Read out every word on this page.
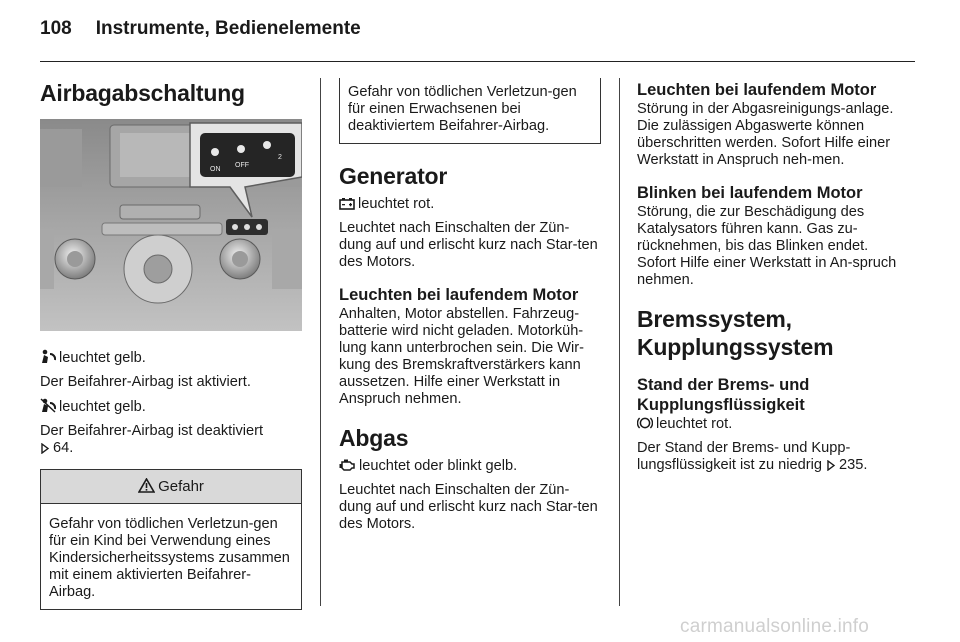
108 Instrumente, Bedienelemente
Airbagabschaltung
ON
OFF
2

leuchtet gelb.

Der Beifahrer-Airbag ist aktiviert.

leuchtet gelb.

Der Beifahrer-Airbag ist deaktiviert
64.

Gefahr
Gefahr von tödlichen Verletzun-gen für ein Kind bei Verwendung eines Kindersicherheitssystems zusammen mit einem aktivierten Beifahrer-Airbag.
Gefahr von tödlichen Verletzun-gen für einen Erwachsenen bei deaktiviertem Beifahrer-Airbag.
Generator

leuchtet rot.

Leuchtet nach Einschalten der Zün-dung auf und erlischt kurz nach Star-ten des Motors.

Leuchten bei laufendem Motor

Anhalten, Motor abstellen. Fahrzeug-batterie wird nicht geladen. Motorküh-lung kann unterbrochen sein. Die Wir-kung des Bremskraftverstärkers kann aussetzen. Hilfe einer Werkstatt in Anspruch nehmen.

Abgas

leuchtet oder blinkt gelb.

Leuchtet nach Einschalten der Zün-dung auf und erlischt kurz nach Star-ten des Motors.

Leuchten bei laufendem Motor

Störung in der Abgasreinigungs-anlage. Die zulässigen Abgaswerte können überschritten werden. Sofort Hilfe einer Werkstatt in Anspruch neh-men.

Blinken bei laufendem Motor

Störung, die zur Beschädigung des Katalysators führen kann. Gas zu-rücknehmen, bis das Blinken endet. Sofort Hilfe einer Werkstatt in An-spruch nehmen.

Bremssystem,
Kupplungssystem
Stand der Brems- und
Kupplungsflüssigkeit

leuchtet rot.

Der Stand der Brems- und Kupp-lungsflüssigkeit ist zu niedrig 235.

carmanualsonline.info
